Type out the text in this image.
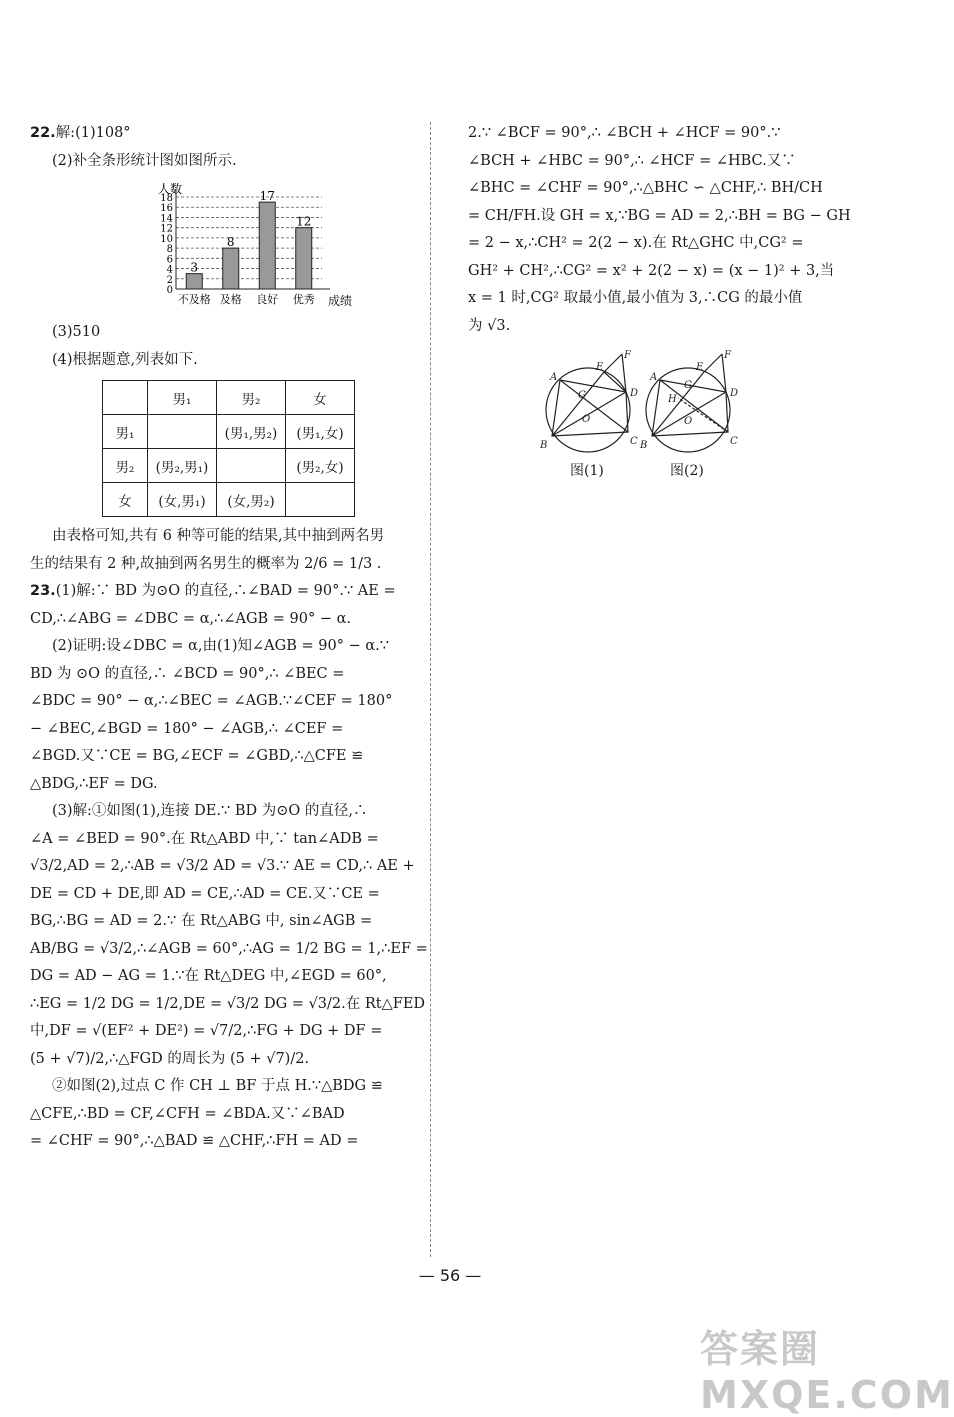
22.解:(1)108°

(2)补全条形统计图如图所示.

人数
成绩
0
2
4
6
8
10
12
14
16
18
3
不及格
8
及格
17
良好
12
优秀

(3)510

(4)根据题意,列表如下.

	男₁	男₂	女
男₁		(男₁,男₂)	(男₁,女)
男₂	(男₂,男₁)		(男₂,女)
女	(女,男₁)	(女,男₂)	

由表格可知,共有 6 种等可能的结果,其中抽到两名男

生的结果有 2 种,故抽到两名男生的概率为 2/6 = 1/3 .

23.(1)解:∵ BD 为⊙O 的直径,∴∠BAD = 90°.∵ AE =

CD,∴∠ABG = ∠DBC = α,∴∠AGB = 90° − α.

(2)证明:设∠DBC = α,由(1)知∠AGB = 90° − α.∵

BD 为 ⊙O 的直径,∴ ∠BCD = 90°,∴ ∠BEC =

∠BDC = 90° − α,∴∠BEC = ∠AGB.∵∠CEF = 180°

− ∠BEC,∠BGD = 180° − ∠AGB,∴ ∠CEF =

∠BGD.又∵CE = BG,∠ECF = ∠GBD,∴△CFE ≌

△BDG,∴EF = DG.

(3)解:①如图(1),连接 DE.∵ BD 为⊙O 的直径,∴

∠A = ∠BED = 90°.在 Rt△ABD 中,∵ tan∠ADB =

√3/2,AD = 2,∴AB = √3/2 AD = √3.∵ AE = CD,∴ AE +

DE = CD + DE,即 AD = CE,∴AD = CE.又∵CE =

BG,∴BG = AD = 2.∵ 在 Rt△ABG 中, sin∠AGB =

AB/BG = √3/2,∴∠AGB = 60°,∴AG = 1/2 BG = 1,∴EF =

DG = AD − AG = 1.∵在 Rt△DEG 中,∠EGD = 60°,

∴EG = 1/2 DG = 1/2,DE = √3/2 DG = √3/2.在 Rt△FED

中,DF = √(EF² + DE²) = √7/2,∴FG + DG + DF =

(5 + √7)/2,∴△FGD 的周长为 (5 + √7)/2.

②如图(2),过点 C 作 CH ⊥ BF 于点 H.∵△BDG ≌

△CFE,∴BD = CF,∠CFH = ∠BDA.又∵∠BAD

= ∠CHF = 90°,∴△BAD ≌ △CHF,∴FH = AD =

2.∵ ∠BCF = 90°,∴ ∠BCH + ∠HCF = 90°.∵

∠BCH + ∠HBC = 90°,∴ ∠HCF = ∠HBC.又∵

∠BHC = ∠CHF = 90°,∴△BHC ∽ △CHF,∴ BH/CH

= CH/FH.设 GH = x,∵BG = AD = 2,∴BH = BG − GH

= 2 − x,∴CH² = 2(2 − x).在 Rt△GHC 中,CG² =

GH² + CH²,∴CG² = x² + 2(2 − x) = (x − 1)² + 3,当

x = 1 时,CG² 取最小值,最小值为 3,∴CG 的最小值

为 √3.

A
B	C
D
E
F
G
O
A
B	C
D
E
F
G
O
H
图(1)	图(2)
— 56 —
答案圈 MXQE.COM
